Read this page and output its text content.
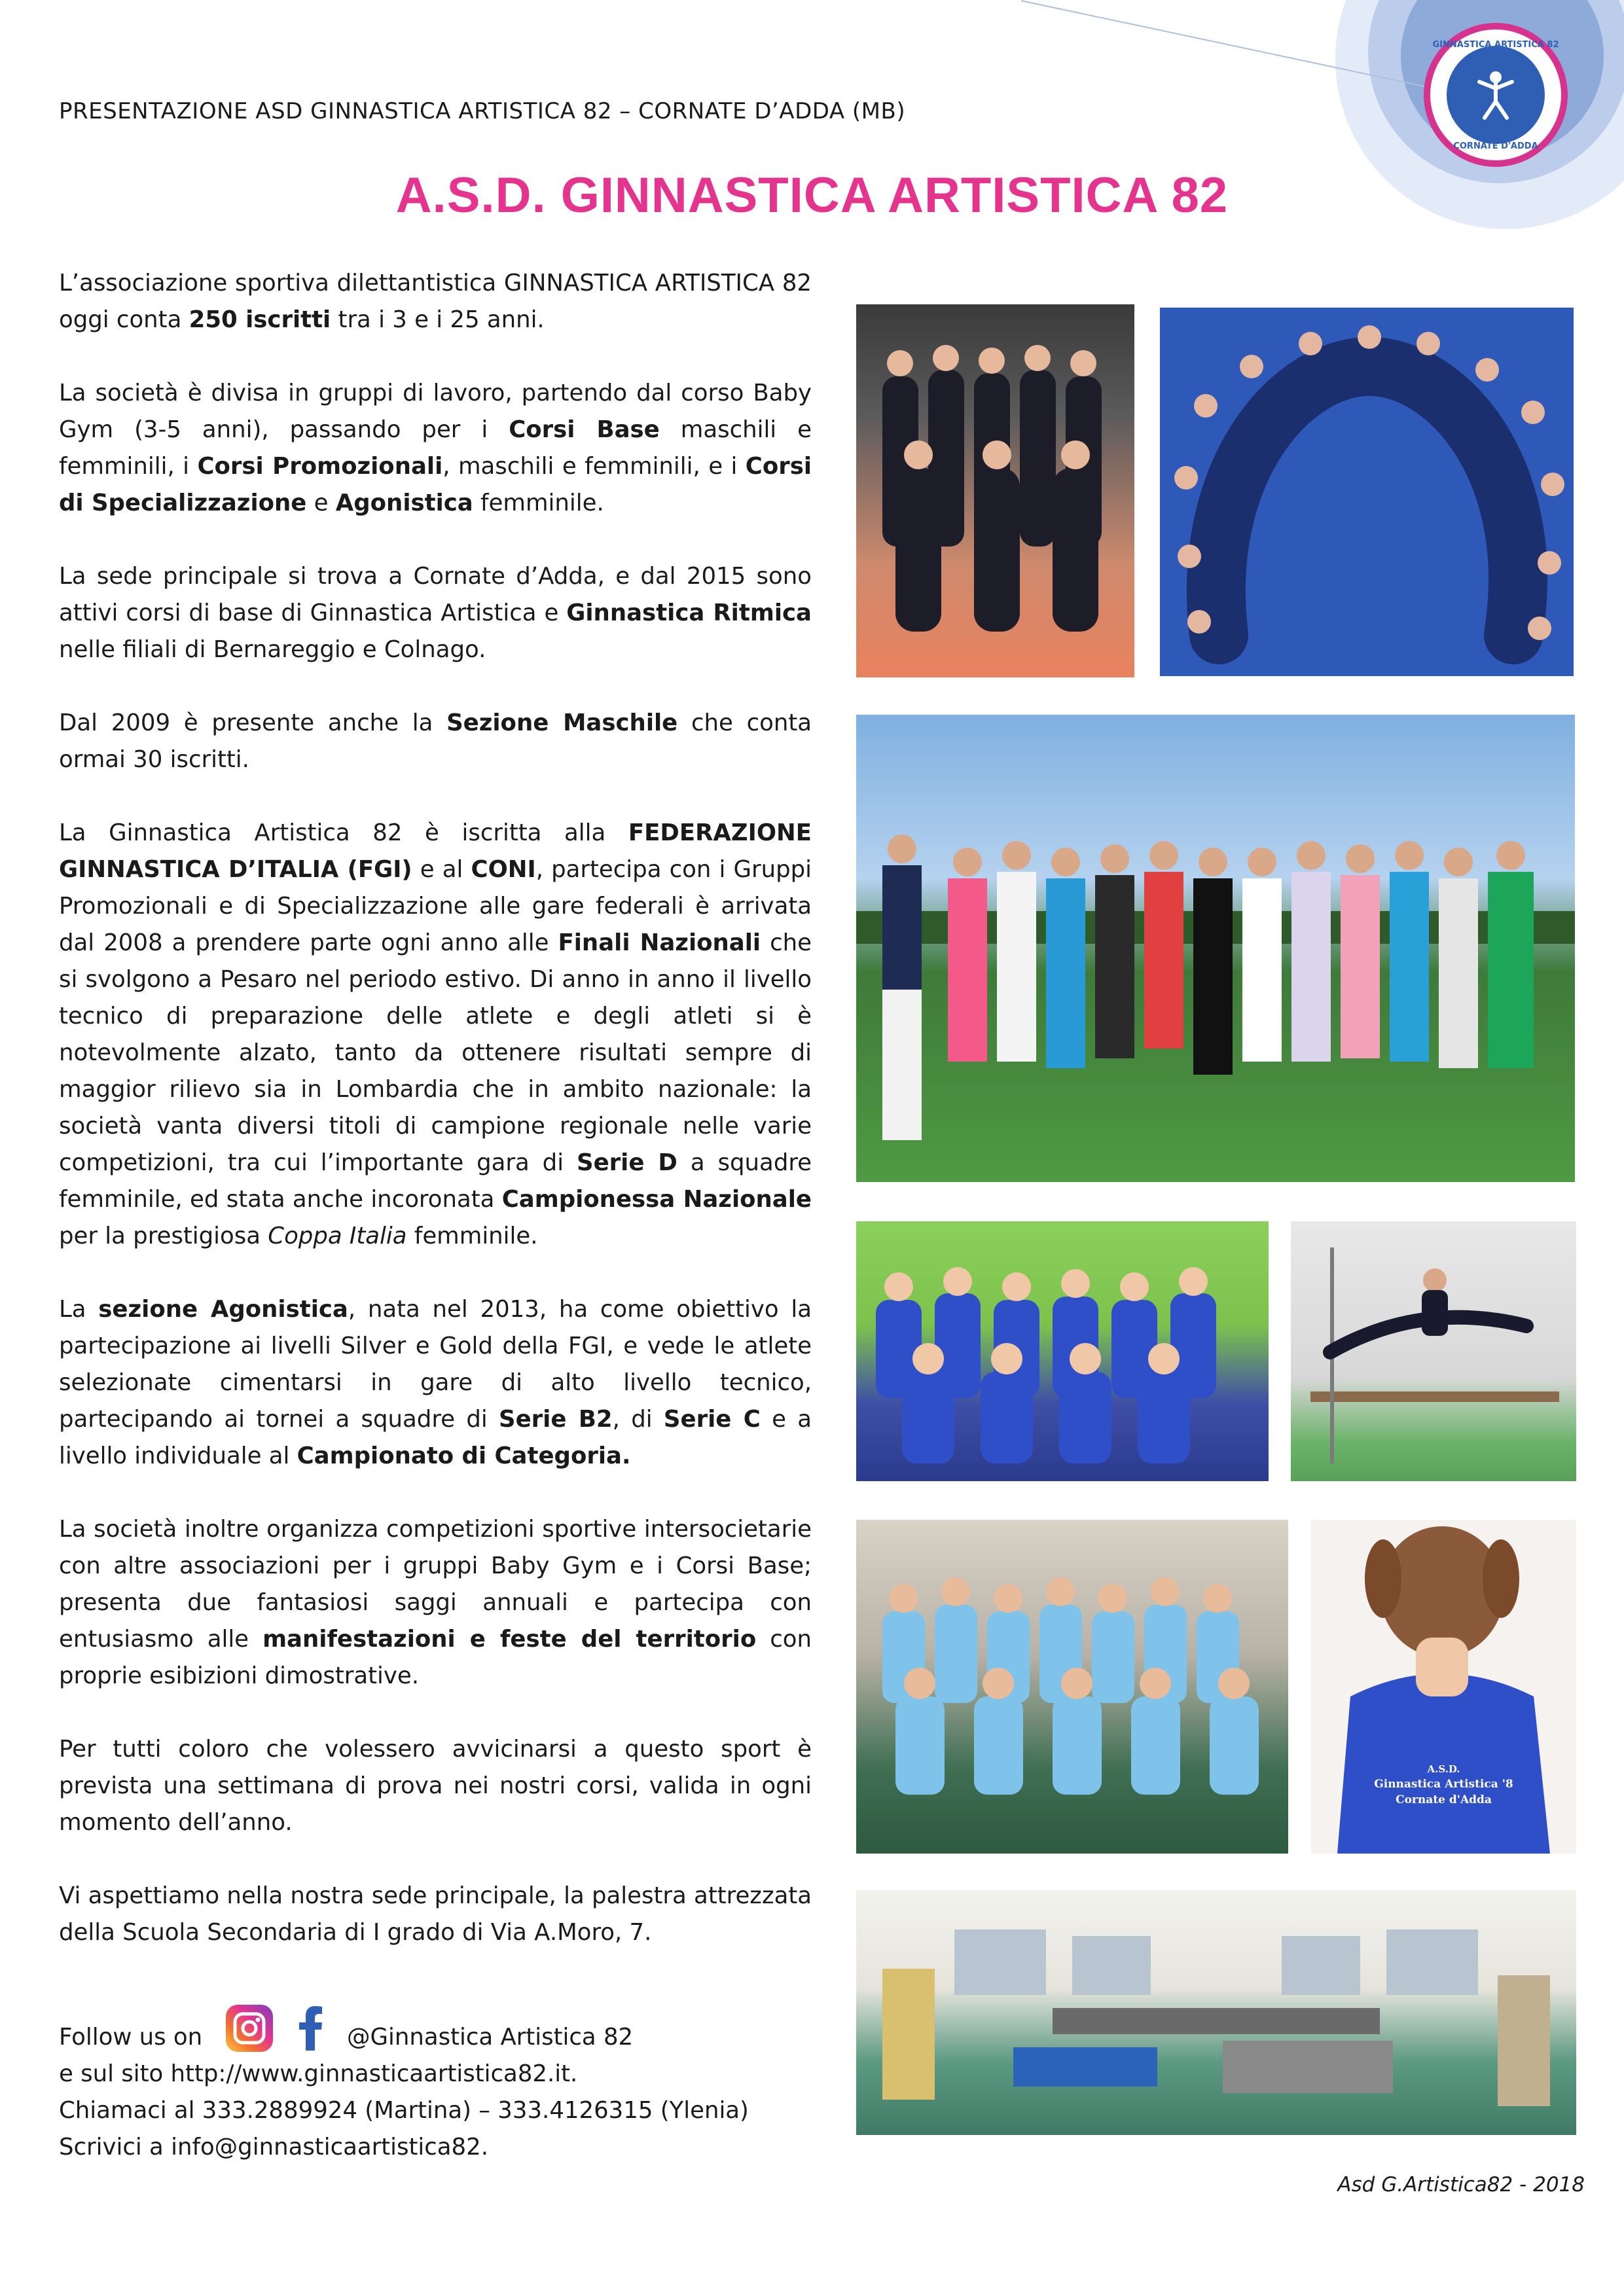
GINNASTICA ARTISTICA 82
CORNATE D'ADDA
PRESENTAZIONE ASD GINNASTICA ARTISTICA 82 – CORNATE D’ADDA (MB)
A.S.D. GINNASTICA ARTISTICA 82

L’associazione sportiva dilettantistica GINNASTICA ARTISTICA 82 oggi conta 250 iscritti tra i 3 e i 25 anni.

La società è divisa in gruppi di lavoro, partendo dal corso Baby Gym (3-5 anni), passando per i Corsi Base maschili e femminili, i Corsi Promozionali, maschili e femminili, e i Corsi di Specializzazione e Agonistica femminile.

La sede principale si trova a Cornate d’Adda, e dal 2015 sono attivi corsi di base di Ginnastica Artistica e Ginnastica Ritmica nelle filiali di Bernareggio e Colnago.

Dal 2009 è presente anche la Sezione Maschile che conta ormai 30 iscritti.

La Ginnastica Artistica 82 è iscritta alla FEDERAZIONE GINNASTICA D’ITALIA (FGI) e al CONI, partecipa con i Gruppi Promozionali e di Specializzazione alle gare federali è arrivata dal 2008 a prendere parte ogni anno alle Finali Nazionali che si svolgono a Pesaro nel periodo estivo. Di anno in anno il livello tecnico di preparazione delle atlete e degli atleti si è notevolmente alzato, tanto da ottenere risultati sempre di maggior rilievo sia in Lombardia che in ambito nazionale: la società vanta diversi titoli di campione regionale nelle varie competizioni, tra cui l’importante gara di Serie D a squadre femminile, ed stata anche incoronata Campionessa Nazionale per la prestigiosa Coppa Italia femminile.

La sezione Agonistica, nata nel 2013, ha come obiettivo la partecipazione ai livelli Silver e Gold della FGI, e vede le atlete selezionate cimentarsi in gare di alto livello tecnico, partecipando ai tornei a squadre di Serie B2, di Serie C e a livello individuale al Campionato di Categoria.

La società inoltre organizza competizioni sportive intersocietarie con altre associazioni per i gruppi Baby Gym e i Corsi Base; presenta due fantasiosi saggi annuali e partecipa con entusiasmo alle manifestazioni e feste del territorio con proprie esibizioni dimostrative.

Per tutti coloro che volessero avvicinarsi a questo sport è prevista una settimana di prova nei nostri corsi, valida in ogni momento dell’anno.

Vi aspettiamo nella nostra sede principale, la palestra attrezzata della Scuola Secondaria di I grado di Via A.Moro, 7.

A.S.D.
Ginnastica Artistica '8
Cornate d'Adda
Follow us on	@Ginnastica Artistica 82
e sul sito http://www.ginnasticaartistica82.it.
Chiamaci al 333.2889924 (Martina) – 333.4126315 (Ylenia)
Scrivici a info@ginnasticaartistica82.
Asd G.Artistica82 - 2018
